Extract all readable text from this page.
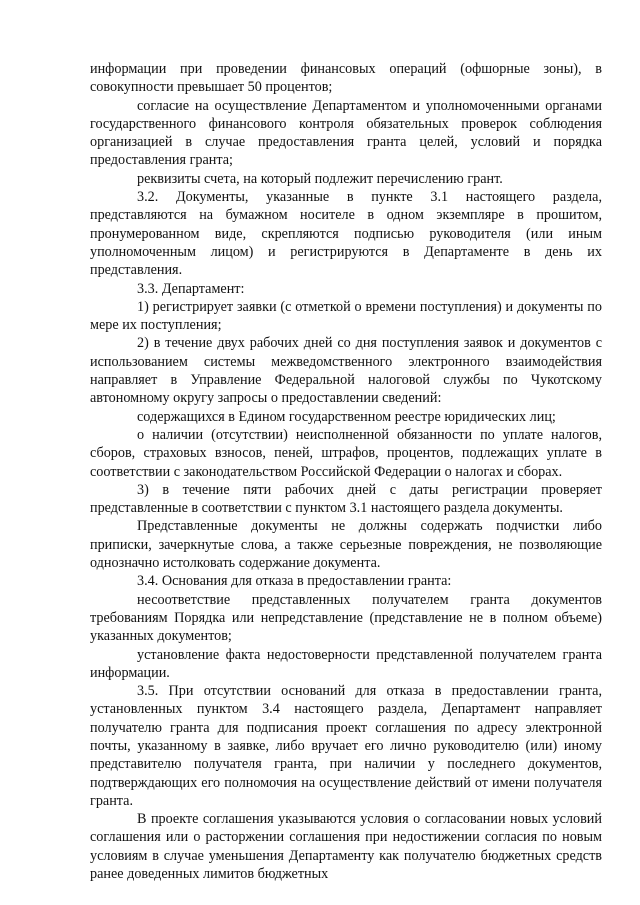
информации при проведении финансовых операций (офшорные зоны), в совокупности превышает 50 процентов;

согласие на осуществление Департаментом и уполномоченными органами государственного финансового контроля обязательных проверок соблюдения организацией в случае предоставления гранта целей, условий и порядка предоставления гранта;

реквизиты счета, на который подлежит перечислению грант.

3.2. Документы, указанные в пункте 3.1 настоящего раздела, представляются на бумажном носителе в одном экземпляре в прошитом, пронумерованном виде, скрепляются подписью руководителя (или иным уполномоченным лицом) и регистрируются в Департаменте в день их представления.

3.3. Департамент:

1) регистрирует заявки (с отметкой о времени поступления) и документы по мере их поступления;

2) в течение двух рабочих дней со дня поступления заявок и документов с использованием системы межведомственного электронного взаимодействия направляет в Управление Федеральной налоговой службы по Чукотскому автономному округу запросы о предоставлении сведений:

содержащихся в Едином государственном реестре юридических лиц;

о наличии (отсутствии) неисполненной обязанности по уплате налогов, сборов, страховых взносов, пеней, штрафов, процентов, подлежащих уплате в соответствии с законодательством Российской Федерации о налогах и сборах.

3) в течение пяти рабочих дней с даты регистрации проверяет представленные в соответствии с пунктом 3.1 настоящего раздела документы.

Представленные документы не должны содержать подчистки либо приписки, зачеркнутые слова, а также серьезные повреждения, не позволяющие однозначно истолковать содержание документа.

3.4. Основания для отказа в предоставлении гранта:

несоответствие представленных получателем гранта документов требованиям Порядка или непредставление (представление не в полном объеме) указанных документов;

установление факта недостоверности представленной получателем гранта информации.

3.5. При отсутствии оснований для отказа в предоставлении гранта, установленных пунктом 3.4 настоящего раздела, Департамент направляет получателю гранта для подписания проект соглашения по адресу электронной почты, указанному в заявке, либо вручает его лично руководителю (или) иному представителю получателя гранта, при наличии у последнего документов, подтверждающих его полномочия на осуществление действий от имени получателя гранта.

В проекте соглашения указываются условия о согласовании новых условий соглашения или о расторжении соглашения при недостижении согласия по новым условиям в случае уменьшения Департаменту как получателю бюджетных средств ранее доведенных лимитов бюджетных
